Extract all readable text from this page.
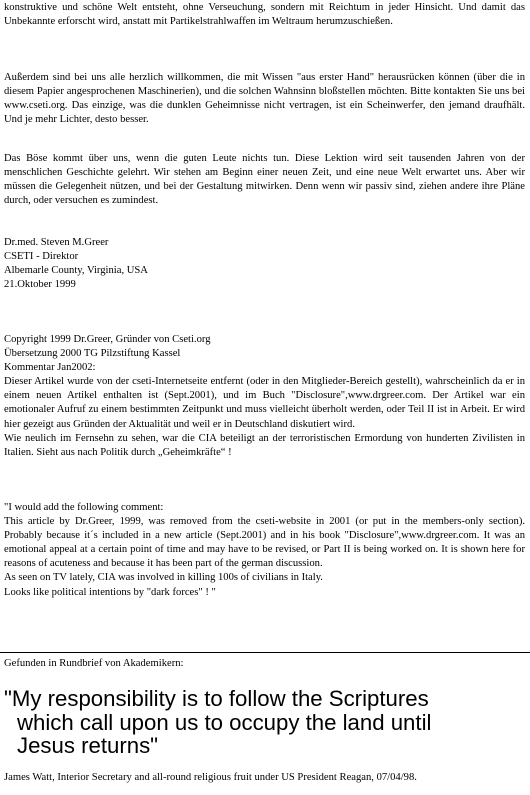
konstruktive und schöne Welt entsteht, ohne Verseuchung, sondern mit Reichtum in jeder Hinsicht. Und damit das Unbekannte erforscht wird, anstatt mit Partikelstrahlwaffen im Weltraum herumzuschießen.

Außerdem sind bei uns alle herzlich willkommen, die mit Wissen "aus erster Hand" herausrücken können (über die in diesem Papier angesprochenen Maschinerien), und die solchen Wahnsinn bloßstellen möchten. Bitte kontakten Sie uns bei www.cseti.org. Das einzige, was die dunklen Geheimnisse nicht vertragen, ist ein Scheinwerfer, den jemand draufhält. Und je mehr Lichter, desto besser.

Das Böse kommt über uns, wenn die guten Leute nichts tun. Diese Lektion wird seit tausenden Jahren von der menschlichen Geschichte gelehrt. Wir stehen am Beginn einer neuen Zeit, und eine neue Welt erwartet uns. Aber wir müssen die Gelegenheit nützen, und bei der Gestaltung mitwirken. Denn wenn wir passiv sind, ziehen andere ihre Pläne durch, oder versuchen es zumindest.

Dr.med. Steven M.Greer

CSETI - Direktor

Albemarle County, Virginia, USA

21.Oktober 1999

Copyright 1999 Dr.Greer, Gründer von Cseti.org

Übersetzung 2000 TG Pilzstiftung Kassel

Kommentar Jan2002:

Dieser Artikel wurde von der cseti-Internetseite entfernt (oder in den Mitglieder-Bereich gestellt), wahrscheinlich da er in einem neuen Artikel enthalten ist (Sept.2001), und im Buch "Disclosure",www.drgreer.com. Der Artikel war ein emotionaler Aufruf zu einem bestimmten Zeitpunkt und muss vielleicht überholt werden, oder Teil II ist in Arbeit. Er wird hier gezeigt aus Gründen der Aktualität und weil er in Deutschland diskutiert wird.

Wie neulich im Fernsehn zu sehen, war die CIA beteiligt an der terroristischen Ermordung von hunderten Zivilisten in Italien. Sieht aus nach Politik durch „Geheimkräfte“ !

"I would add the following comment:

This article by Dr.Greer, 1999, was removed from the cseti-website in 2001 (or put in the members-only section). Probably because it´s included in a new article (Sept.2001) and in his book "Disclosure",www.drgreer.com. It was an emotional appeal at a certain point of time and may have to be revised, or Part II is being worked on. It is shown here for reasons of acuteness and because it has been part of the german discussion.

As seen on TV lately, CIA was involved in killing 100s of civilians in Italy.

Looks like political intentions by "dark forces" ! "

Gefunden in Rundbrief von Akademikern:

"My responsibility is to follow the Scriptures
which call upon us to occupy the land until
Jesus returns"

James Watt, Interior Secretary and all-round religious fruit under US President Reagan, 07/04/98.
